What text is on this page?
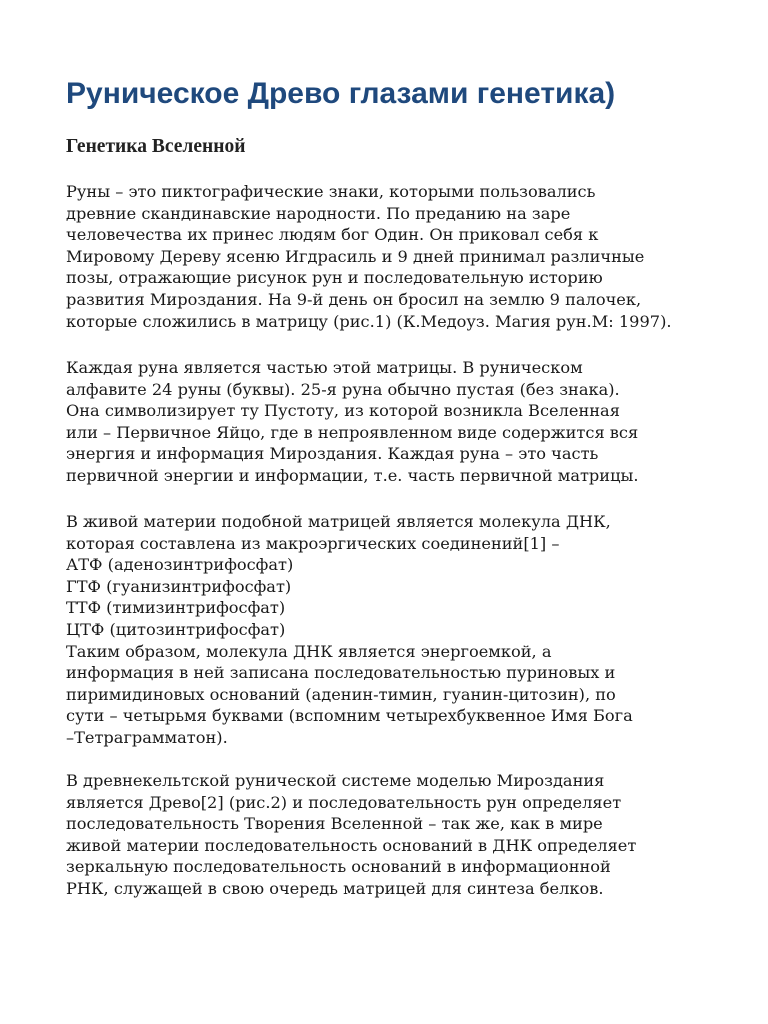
Руническое Древо глазами генетика)
Генетика Вселенной

Руны – это пиктографические знаки, которыми пользовались
древние скандинавские народности. По преданию на заре
человечества их принес людям бог Один. Он приковал себя к
Мировому Дереву ясеню Игдрасиль и 9 дней принимал различные
позы, отражающие рисунок рун и последовательную историю
развития Мироздания. На 9-й день он бросил на землю 9 палочек,
которые сложились в матрицу (рис.1) (К.Медоуз. Магия рун.М: 1997).

Каждая руна является частью этой матрицы. В руническом
алфавите 24 руны (буквы). 25-я руна обычно пустая (без знака).
Она символизирует ту Пустоту, из которой возникла Вселенная
или – Первичное Яйцо, где в непроявленном виде содержится вся
энергия и информация Мироздания. Каждая руна – это часть
первичной энергии и информации, т.е. часть первичной матрицы.

В живой материи подобной матрицей является молекула ДНК,
которая составлена из макроэргических соединений[1] –
АТФ (аденозинтрифосфат)
ГТФ (гуанизинтрифосфат)
ТТФ (тимизинтрифосфат)
ЦТФ (цитозинтрифосфат)
Таким образом, молекула ДНК является энергоемкой, а
информация в ней записана последовательностью пуриновых и
пиримидиновых оснований (аденин-тимин, гуанин-цитозин), по
сути – четырьмя буквами (вспомним четырехбуквенное Имя Бога
–Тетраграмматон).

В древнекельтской рунической системе моделью Мироздания
является Древо[2] (рис.2) и последовательность рун определяет
последовательность Творения Вселенной – так же, как в мире
живой материи последовательность оснований в ДНК определяет
зеркальную последовательность оснований в информационной
РНК, служащей в свою очередь матрицей для синтеза белков.
